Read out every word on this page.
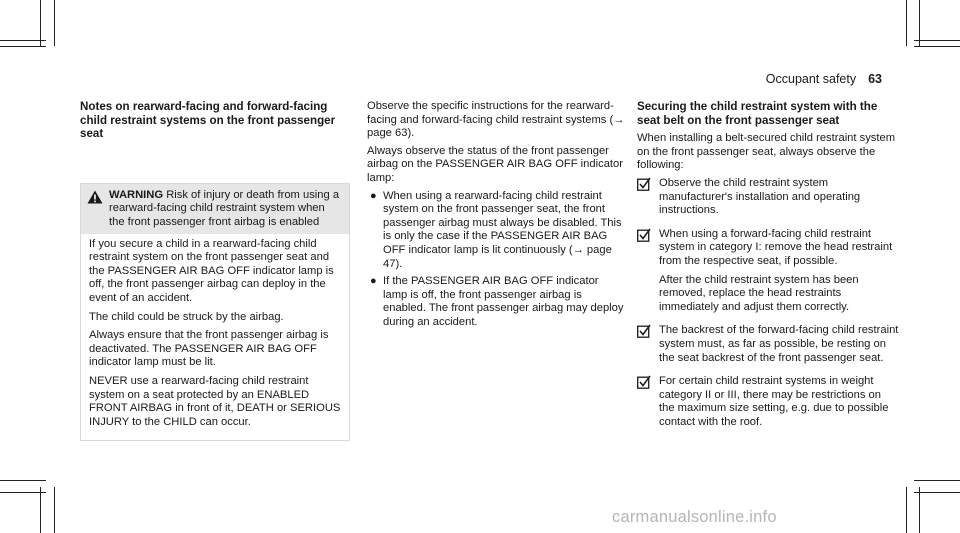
Occupant safety 63
Notes on rearward-facing and forward-facing child restraint systems on the front passenger seat
WARNING Risk of injury or death from using a rearward-facing child restraint system when the front passenger front airbag is enabled

If you secure a child in a rearward-facing child restraint system on the front passenger seat and the PASSENGER AIR BAG OFF indicator lamp is off, the front passenger airbag can deploy in the event of an accident.

The child could be struck by the airbag.

Always ensure that the front passenger airbag is deactivated. The PASSENGER AIR BAG OFF indicator lamp must be lit.

NEVER use a rearward-facing child restraint system on a seat protected by an ENABLED FRONT AIRBAG in front of it, DEATH or SERIOUS INJURY to the CHILD can occur.

Observe the specific instructions for the rearward-facing and forward-facing child restraint systems (→ page 63).

Always observe the status of the front passenger airbag on the PASSENGER AIR BAG OFF indicator lamp:

● When using a rearward-facing child restraint system on the front passenger seat, the front passenger airbag must always be disabled. This is only the case if the PASSENGER AIR BAG OFF indicator lamp is lit continuously (→ page 47).
● If the PASSENGER AIR BAG OFF indicator lamp is off, the front passenger airbag is enabled. The front passenger airbag may deploy during an accident.
Securing the child restraint system with the seat belt on the front passenger seat

When installing a belt-secured child restraint system on the front passenger seat, always observe the following:

Observe the child restraint system manufacturer's installation and operating instructions.

When using a forward-facing child restraint system in category I: remove the head restraint from the respective seat, if possible.

After the child restraint system has been removed, replace the head restraints immediately and adjust them correctly.

The backrest of the forward-facing child restraint system must, as far as possible, be resting on the seat backrest of the front passenger seat.

For certain child restraint systems in weight category II or III, there may be restrictions on the maximum size setting, e.g. due to possible contact with the roof.

carmanualsonline.info
